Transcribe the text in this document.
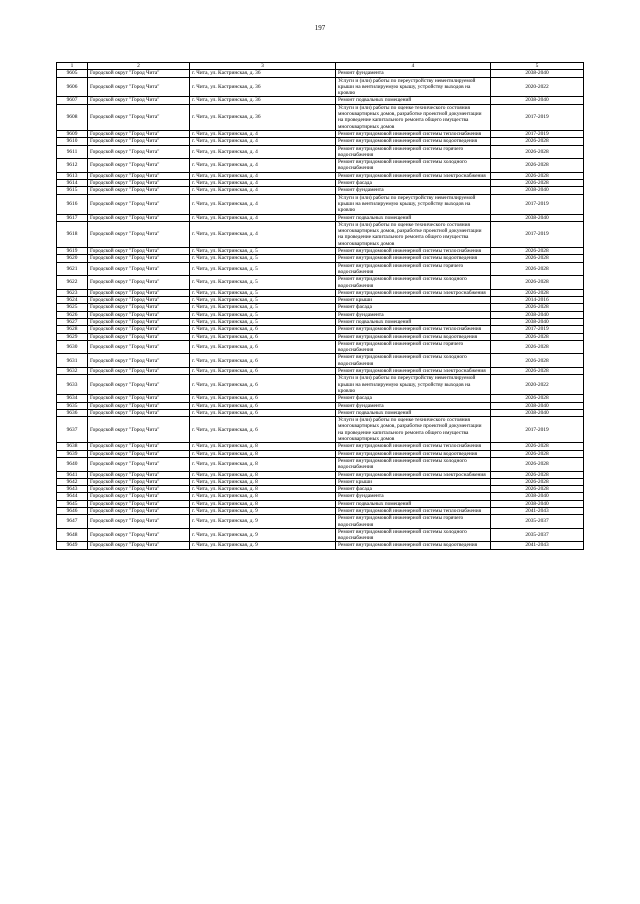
197
1	2	3	4	5
9605	Городской округ "Город Чита"	г. Чита, ул. Кастринская, д. 36	Ремонт фундамента	2038-2040
9606	Городской округ "Город Чита"	г. Чита, ул. Кастринская, д. 36	Услуги и (или) работы по переустройству невентилируемой крыши на вентилируемую крышу, устройству выходов на кровлю	2020-2022
9607	Городской округ "Город Чита"	г. Чита, ул. Кастринская, д. 36	Ремонт подвальных помещений	2038-2040
9608	Городской округ "Город Чита"	г. Чита, ул. Кастринская, д. 36	Услуги и (или) работы по оценке технического состояния многоквартирных домов, разработке проектной документации на проведение капитального ремонта общего имущества многоквартирных домов	2017-2019
9609	Городской округ "Город Чита"	г. Чита, ул. Кастринская, д. 4	Ремонт внутридомовой инженерной системы теплоснабжения	2017-2019
9610	Городской округ "Город Чита"	г. Чита, ул. Кастринская, д. 4	Ремонт внутридомовой инженерной системы водоотведения	2026-2028
9611	Городской округ "Город Чита"	г. Чита, ул. Кастринская, д. 4	Ремонт внутридомовой инженерной системы горячего водоснабжения	2026-2028
9612	Городской округ "Город Чита"	г. Чита, ул. Кастринская, д. 4	Ремонт внутридомовой инженерной системы холодного водоснабжения	2026-2028
9613	Городской округ "Город Чита"	г. Чита, ул. Кастринская, д. 4	Ремонт внутридомовой инженерной системы электроснабжения	2026-2028
9614	Городской округ "Город Чита"	г. Чита, ул. Кастринская, д. 4	Ремонт фасада	2026-2028
9615	Городской округ "Город Чита"	г. Чита, ул. Кастринская, д. 4	Ремонт фундамента	2038-2040
9616	Городской округ "Город Чита"	г. Чита, ул. Кастринская, д. 4	Услуги и (или) работы по переустройству невентилируемой крыши на вентилируемую крышу, устройству выходов на кровлю	2017-2019
9617	Городской округ "Город Чита"	г. Чита, ул. Кастринская, д. 4	Ремонт подвальных помещений	2038-2040
9618	Городской округ "Город Чита"	г. Чита, ул. Кастринская, д. 4	Услуги и (или) работы по оценке технического состояния многоквартирных домов, разработке проектной документации на проведение капитального ремонта общего имущества многоквартирных домов	2017-2019
9619	Городской округ "Город Чита"	г. Чита, ул. Кастринская, д. 5	Ремонт внутридомовой инженерной системы теплоснабжения	2026-2028
9620	Городской округ "Город Чита"	г. Чита, ул. Кастринская, д. 5	Ремонт внутридомовой инженерной системы водоотведения	2026-2028
9621	Городской округ "Город Чита"	г. Чита, ул. Кастринская, д. 5	Ремонт внутридомовой инженерной системы горячего водоснабжения	2026-2028
9622	Городской округ "Город Чита"	г. Чита, ул. Кастринская, д. 5	Ремонт внутридомовой инженерной системы холодного водоснабжения	2026-2028
9623	Городской округ "Город Чита"	г. Чита, ул. Кастринская, д. 5	Ремонт внутридомовой инженерной системы электроснабжения	2026-2028
9624	Городской округ "Город Чита"	г. Чита, ул. Кастринская, д. 5	Ремонт крыши	2014-2016
9625	Городской округ "Город Чита"	г. Чита, ул. Кастринская, д. 5	Ремонт фасада	2026-2028
9626	Городской округ "Город Чита"	г. Чита, ул. Кастринская, д. 5	Ремонт фундамента	2038-2040
9627	Городской округ "Город Чита"	г. Чита, ул. Кастринская, д. 5	Ремонт подвальных помещений	2038-2040
9628	Городской округ "Город Чита"	г. Чита, ул. Кастринская, д. 6	Ремонт внутридомовой инженерной системы теплоснабжения	2017-2019
9629	Городской округ "Город Чита"	г. Чита, ул. Кастринская, д. 6	Ремонт внутридомовой инженерной системы водоотведения	2026-2028
9630	Городской округ "Город Чита"	г. Чита, ул. Кастринская, д. 6	Ремонт внутридомовой инженерной системы горячего водоснабжения	2026-2028
9631	Городской округ "Город Чита"	г. Чита, ул. Кастринская, д. 6	Ремонт внутридомовой инженерной системы холодного водоснабжения	2026-2028
9632	Городской округ "Город Чита"	г. Чита, ул. Кастринская, д. 6	Ремонт внутридомовой инженерной системы электроснабжения	2026-2028
9633	Городской округ "Город Чита"	г. Чита, ул. Кастринская, д. 6	Услуги и (или) работы по переустройству невентилируемой крыши на вентилируемую крышу, устройству выходов на кровлю	2020-2022
9634	Городской округ "Город Чита"	г. Чита, ул. Кастринская, д. 6	Ремонт фасада	2026-2028
9635	Городской округ "Город Чита"	г. Чита, ул. Кастринская, д. 6	Ремонт фундамента	2038-2040
9636	Городской округ "Город Чита"	г. Чита, ул. Кастринская, д. 6	Ремонт подвальных помещений	2038-2040
9637	Городской округ "Город Чита"	г. Чита, ул. Кастринская, д. 6	Услуги и (или) работы по оценке технического состояния многоквартирных домов, разработке проектной документации на проведение капитального ремонта общего имущества многоквартирных домов	2017-2019
9638	Городской округ "Город Чита"	г. Чита, ул. Кастринская, д. 8	Ремонт внутридомовой инженерной системы теплоснабжения	2026-2028
9639	Городской округ "Город Чита"	г. Чита, ул. Кастринская, д. 8	Ремонт внутридомовой инженерной системы водоотведения	2026-2028
9640	Городской округ "Город Чита"	г. Чита, ул. Кастринская, д. 8	Ремонт внутридомовой инженерной системы холодного водоснабжения	2026-2028
9641	Городской округ "Город Чита"	г. Чита, ул. Кастринская, д. 8	Ремонт внутридомовой инженерной системы электроснабжения	2026-2028
9642	Городской округ "Город Чита"	г. Чита, ул. Кастринская, д. 8	Ремонт крыши	2026-2028
9643	Городской округ "Город Чита"	г. Чита, ул. Кастринская, д. 8	Ремонт фасада	2026-2028
9644	Городской округ "Город Чита"	г. Чита, ул. Кастринская, д. 8	Ремонт фундамента	2038-2040
9645	Городской округ "Город Чита"	г. Чита, ул. Кастринская, д. 8	Ремонт подвальных помещений	2038-2040
9646	Городской округ "Город Чита"	г. Чита, ул. Кастринская, д. 9	Ремонт внутридомовой инженерной системы теплоснабжения	2041-2043
9647	Городской округ "Город Чита"	г. Чита, ул. Кастринская, д. 9	Ремонт внутридомовой инженерной системы горячего водоснабжения	2035-2037
9648	Городской округ "Город Чита"	г. Чита, ул. Кастринская, д. 9	Ремонт внутридомовой инженерной системы холодного водоснабжения	2035-2037
9649	Городской округ "Город Чита"	г. Чита, ул. Кастринская, д. 9	Ремонт внутридомовой инженерной системы водоотведения	2041-2043
